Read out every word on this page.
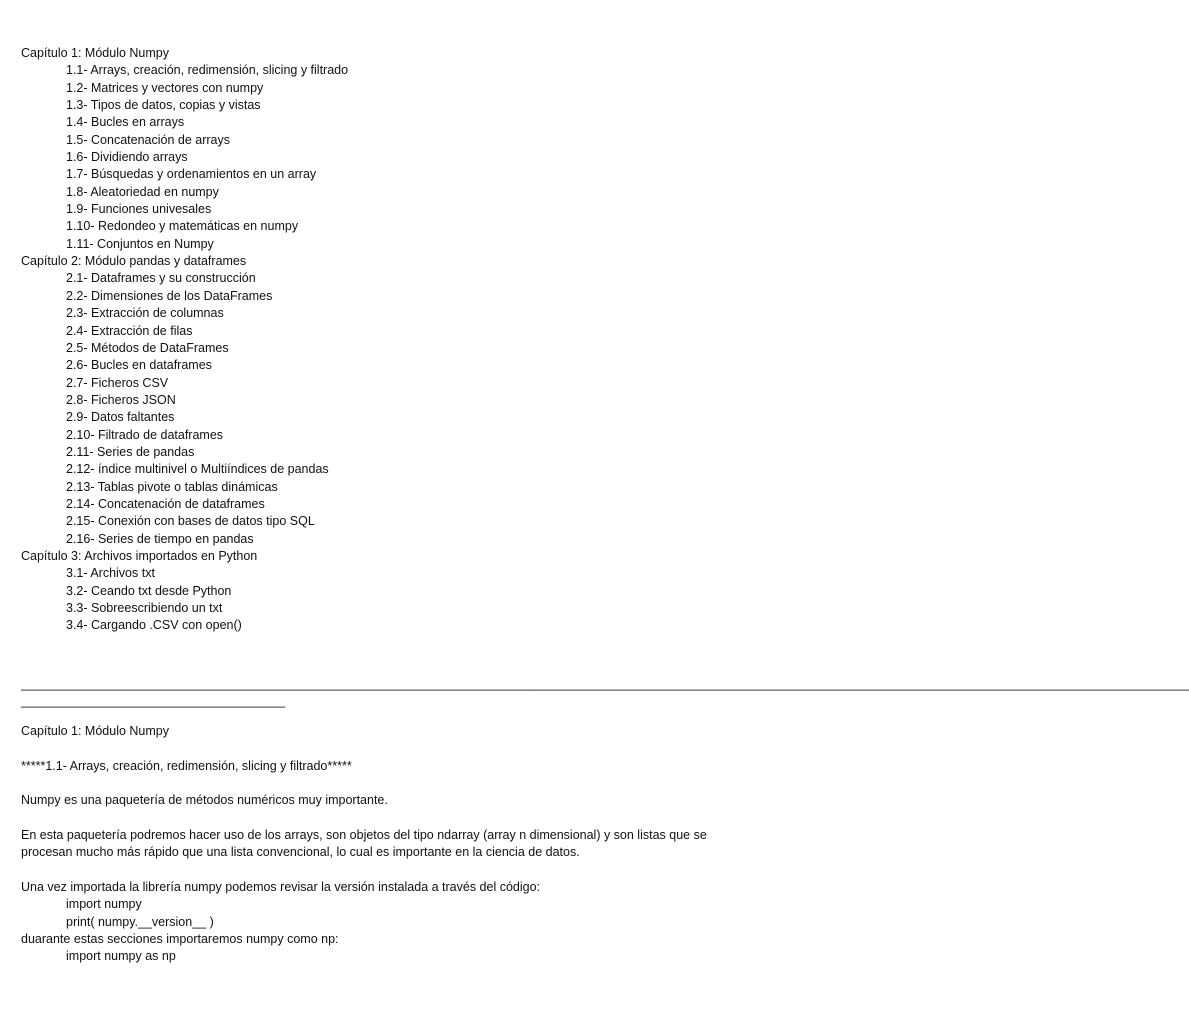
Capítulo 1: Módulo Numpy
1.1- Arrays, creación, redimensión, slicing y filtrado
1.2- Matrices y vectores con numpy
1.3- Tipos de datos, copias y vistas
1.4- Bucles en arrays
1.5- Concatenación de arrays
1.6- Dividiendo arrays
1.7- Búsquedas y ordenamientos en un array
1.8- Aleatoriedad en numpy
1.9- Funciones univesales
1.10- Redondeo y matemáticas en numpy
1.11- Conjuntos en Numpy
Capítulo 2: Módulo pandas y dataframes
2.1- Dataframes y su construcción
2.2- Dimensiones de los DataFrames
2.3- Extracción de columnas
2.4- Extracción de filas
2.5- Métodos de DataFrames
2.6- Bucles en dataframes
2.7- Ficheros CSV
2.8- Ficheros JSON
2.9- Datos faltantes
2.10- Filtrado de dataframes
2.11- Series de pandas
2.12- índice multinivel o Multiíndices de pandas
2.13- Tablas pivote o tablas dinámicas
2.14- Concatenación de dataframes
2.15- Conexión con bases de datos tipo SQL
2.16- Series de tiempo en pandas
Capítulo 3: Archivos importados en Python
3.1- Archivos txt
3.2- Ceando txt desde Python
3.3- Sobreescribiendo un txt
3.4- Cargando .CSV con open()
________________________________________________________________________________________________________________________________________________________________________
______________________________________

Capítulo 1: Módulo Numpy

*****1.1- Arrays, creación, redimensión, slicing y filtrado*****

Numpy es una paquetería de métodos numéricos muy importante.

En esta paquetería podremos hacer uso de los arrays, son objetos del tipo ndarray (array n dimensional) y son listas que se procesan mucho más rápido que una lista convencional, lo cual es importante en la ciencia de datos.

Una vez importada la librería numpy podemos revisar la versión instalada a través del código:

import numpy
print( numpy.__version__ )

duarante estas secciones importaremos numpy como np:

import numpy as np
